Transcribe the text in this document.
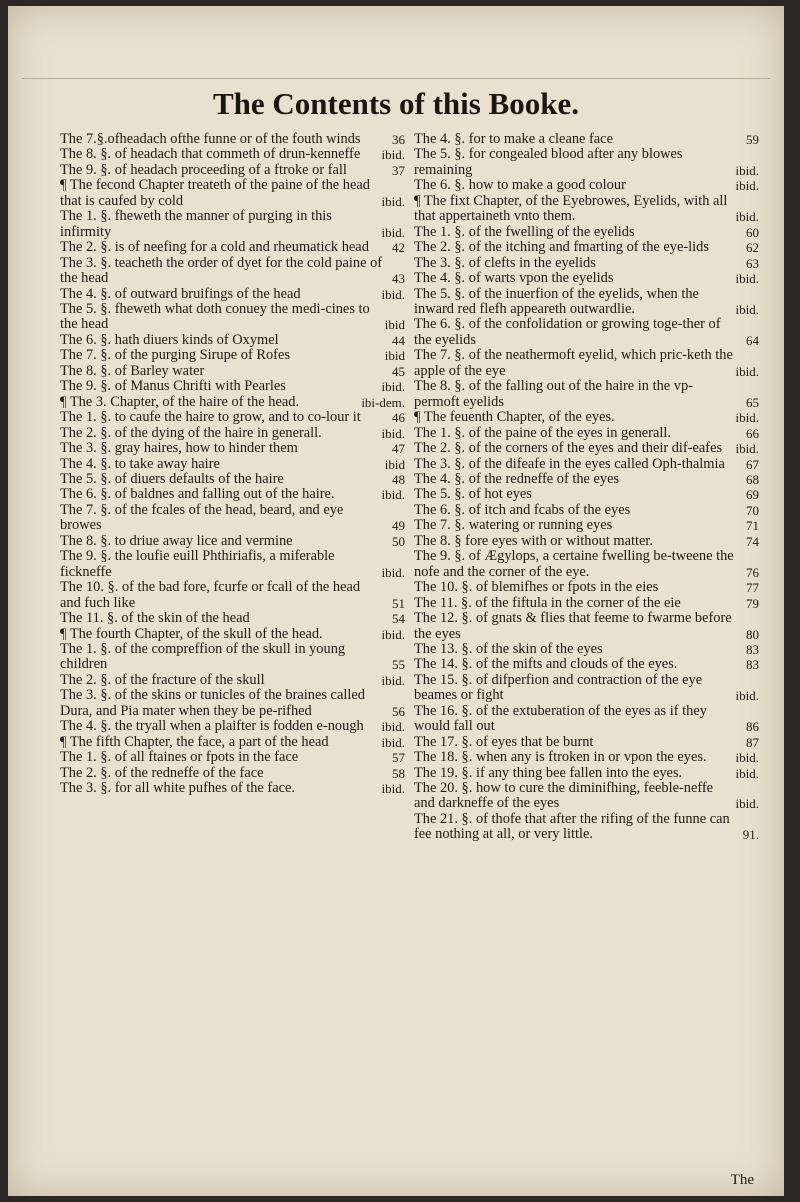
The Contents of this Booke.
The 7.§.ofheadach ofthe funne or of the fouth winds 36
The 8. §. of headach that commeth of drun-kenneffe ibid.
The 9. §. of headach proceeding of a ftroke or fall	37
¶ The fecond Chapter treateth of the paine of the head that is caufed by cold	ibid.
The 1. §. fheweth the manner of purging in this infirmity	ibid.
The 2. §. is of neefing for a cold and rheumatick head 42
The 3. §. teacheth the order of dyet for the cold paine of the head	43
The 4. §. of outward bruifings of the head	ibid.
The 5. §. fheweth what doth conuey the medi-cines to the head	ibid
The 6. §. hath diuers kinds of Oxymel	44
The 7. §. of the purging Sirupe of Rofes	ibid
The 8. §. of Barley water	45
The 9. §. of Manus Chrifti with Pearles	ibid.
¶ The 3. Chapter, of the haire of the head.	ibi-dem.
The 1. §. to caufe the haire to grow, and to co-lour it 46
The 2. §. of the dying of the haire in generall.	ibid.
The 3. §. gray haires, how to hinder them	47
The 4. §. to take away haire	ibid
The 5. §. of diuers defaults of the haire	48
The 6. §. of baldnes and falling out of the haire.	ibid.
The 7. §. of the fcales of the head, beard, and eye browes	49
The 8. §. to driue away lice and vermine	50
The 9. §. the loufie euill Phthiriafis, a miferable fickneffe	ibid.
The 10. §. of the bad fore, fcurfe or fcall of the head and fuch like	51
The 11. §. of the skin of the head	54
¶ The fourth Chapter, of the skull of the head.	ibid.
The 1. §. of the compreffion of the skull in young children	55
The 2. §. of the fracture of the skull	ibid.
The 3. §. of the skins or tunicles of the braines called Dura, and Pia mater when they be pe-rifhed	56
The 4. §. the tryall when a plaifter is fodden e-nough ibid.
¶ The fifth Chapter, the face, a part of the head	ibid.
The 1. §. of all ftaines or fpots in the face	57
The 2. §. of the redneffe of the face	58
The 3. §. for all white pufhes of the face.	ibid.
The 4. §. for to make a cleane face	59
The 5. §. for congealed blood after any blowes remaining	ibid.
The 6. §. how to make a good colour	ibid.
¶ The fixt Chapter, of the Eyebrowes, Eyelids, with all that appertaineth vnto them.	ibid.
The 1. §. of the fwelling of the eyelids	60
The 2. §. of the itching and fmarting of the eye-lids	62
The 3. §. of clefts in the eyelids	63
The 4. §. of warts vpon the eyelids	ibid.
The 5. §. of the inuerfion of the eyelids, when the inward red flefh appeareth outwardlie.	ibid.
The 6. §. of the confolidation or growing toge-ther of the eyelids	64
The 7. §. of the neathermoft eyelid, which pric-keth the apple of the eye	ibid.
The 8. §. of the falling out of the haire in the vp-permoft eyelids	65
¶ The feuenth Chapter, of the eyes.	ibid.
The 1. §. of the paine of the eyes in generall.	66
The 2. §. of the corners of the eyes and their dif-eafes ibid.
The 3. §. of the difeafe in the eyes called Oph-thalmia 67
The 4. §. of the redneffe of the eyes	68
The 5. §. of hot eyes	69
The 6. §. of itch and fcabs of the eyes	70
The 7. §. watering or running eyes	71
The 8. § fore eyes with or without matter.	74
The 9. §. of Ægylops, a certaine fwelling be-tweene the nofe and the corner of the eye.	76
The 10. §. of blemifhes or fpots in the eies	77
The 11. §. of the fiftula in the corner of the eie	79
The 12. §. of gnats & flies that feeme to fwarme before the eyes	80
The 13. §. of the skin of the eyes	83
The 14. §. of the mifts and clouds of the eyes.	83
The 15. §. of difperfion and contraction of the eye beames or fight	ibid.
The 16. §. of the extuberation of the eyes as if they would fall out	86
The 17. §. of eyes that be burnt	87
The 18. §. when any is ftroken in or vpon the eyes. ibid.
The 19. §. if any thing bee fallen into the eyes.	ibid.
The 20. §. how to cure the diminifhing, feeble-neffe and darkneffe of the eyes	ibid.
The 21. §. of thofe that after the rifing of the funne can fee nothing at all, or very little.	91.
The
